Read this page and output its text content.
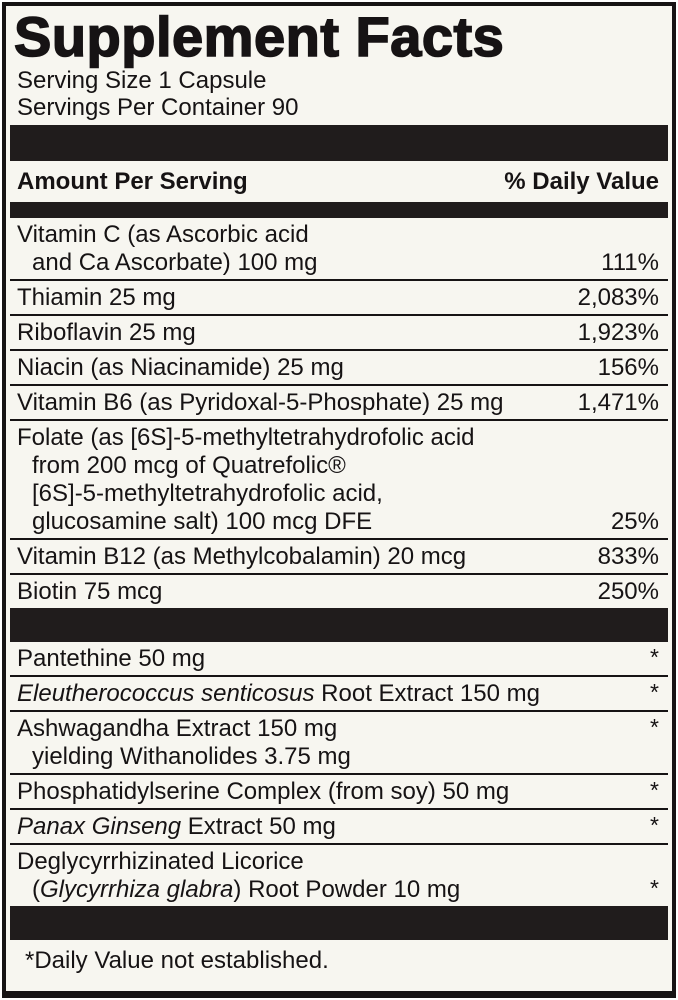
Supplement Facts
Serving Size 1 Capsule
Servings Per Container 90
Amount Per Serving	% Daily Value
Vitamin C (as Ascorbic acid
and Ca Ascorbate) 100 mg	111%
Thiamin 25 mg	2,083%
Riboflavin 25 mg	1,923%
Niacin (as Niacinamide) 25 mg	156%
Vitamin B6 (as Pyridoxal-5-Phosphate) 25 mg	1,471%
Folate (as [6S]-5-methyltetrahydrofolic acid
from 200 mcg of Quatrefolic®
[6S]-5-methyltetrahydrofolic acid,
glucosamine salt) 100 mcg DFE	25%
Vitamin B12 (as Methylcobalamin) 20 mcg	833%
Biotin 75 mcg	250%
Pantethine 50 mg	*
Eleutherococcus senticosus Root Extract 150 mg	*
Ashwagandha Extract 150 mg	*
yielding Withanolides 3.75 mg
Phosphatidylserine Complex (from soy) 50 mg	*
Panax Ginseng Extract 50 mg	*
Deglycyrrhizinated Licorice
(Glycyrrhiza glabra) Root Powder 10 mg	*
*Daily Value not established.
